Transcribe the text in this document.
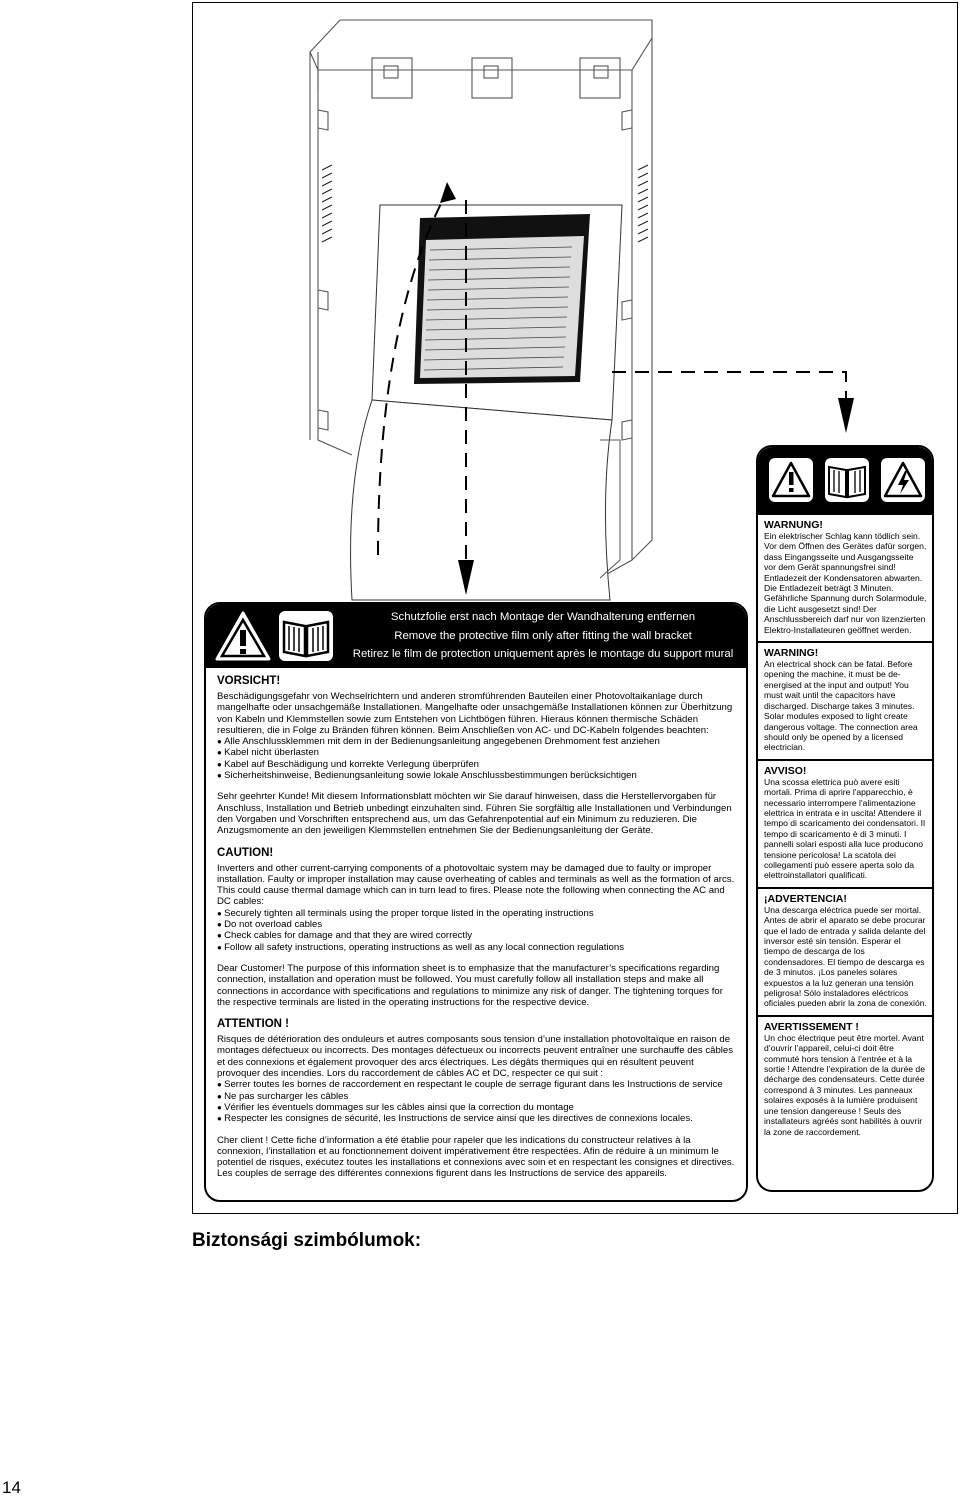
Schutzfolie erst nach Montage der Wandhalterung entfernen
Remove the protective film only after fitting the wall bracket
Retirez le film de protection uniquement après le montage du support mural
VORSICHT!

Beschädigungsgefahr von Wechselrichtern und anderen stromführenden Bauteilen einer Photovoltaikanlage durch mangelhafte oder unsachgemäße Installationen. Mangelhafte oder unsachgemäße Installationen können zur Überhitzung von Kabeln und Klemmstellen sowie zum Entstehen von Lichtbögen führen. Hieraus können thermische Schäden resultieren, die in Folge zu Bränden führen können. Beim Anschließen von AC- und DC-Kabeln folgendes beachten:

● Alle Anschlussklemmen mit dem in der Bedienungsanleitung angegebenen Drehmoment fest anziehen
● Kabel nicht überlasten
● Kabel auf Beschädigung und korrekte Verlegung überprüfen
● Sicherheitshinweise, Bedienungsanleitung sowie lokale Anschlussbestimmungen berücksichtigen

Sehr geehrter Kunde! Mit diesem Informationsblatt möchten wir Sie darauf hinweisen, dass die Herstellervorgaben für Anschluss, Installation und Betrieb unbedingt einzuhalten sind. Führen Sie sorgfältig alle Installationen und Verbindungen den Vorgaben und Vorschriften entsprechend aus, um das Gefahrenpotential auf ein Minimum zu reduzieren. Die Anzugsmomente an den jeweiligen Klemmstellen entnehmen Sie der Bedienungsanleitung der Geräte.

CAUTION!

Inverters and other current-carrying components of a photovoltaic system may be damaged due to faulty or improper installation. Faulty or improper installation may cause overheating of cables and terminals as well as the formation of arcs. This could cause thermal damage which can in turn lead to fires. Please note the following when connecting the AC and DC cables:

● Securely tighten all terminals using the proper torque listed in the operating instructions
● Do not overload cables
● Check cables for damage and that they are wired correctly
● Follow all safety instructions, operating instructions as well as any local connection regulations

Dear Customer! The purpose of this information sheet is to emphasize that the manufacturer’s specifications regarding connection, installation and operation must be followed. You must carefully follow all installation steps and make all connections in accordance with specifications and regulations to minimize any risk of danger. The tightening torques for the respective terminals are listed in the operating instructions for the respective device.

ATTENTION !

Risques de détérioration des onduleurs et autres composants sous tension d’une installation photovoltaïque en raison de montages défectueux ou incorrects. Des montages défectueux ou incorrects peuvent entraîner une surchauffe des câbles et des connexions et également provoquer des arcs électriques. Les dégâts thermiques qui en résultent peuvent provoquer des incendies. Lors du raccordement de câbles AC et DC, respecter ce qui suit :

● Serrer toutes les bornes de raccordement en respectant le couple de serrage figurant dans les Instructions de service
● Ne pas surcharger les câbles
● Vérifier les éventuels dommages sur les câbles ainsi que la correction du montage
● Respecter les consignes de sécurité, les Instructions de service ainsi que les directives de connexions locales.

Cher client ! Cette fiche d’information a été établie pour rapeler que les indications du constructeur relatives à la connexion, l’installation et au fonctionnement doivent impérativement être respectées. Afin de réduire à un minimum le potentiel de risques, exécutez toutes les installations et connexions avec soin et en respectant les consignes et directives. Les couples de serrage des différentes connexions figurent dans les Instructions de service des appareils.

WARNUNG!

Ein elektrischer Schlag kann tödlich sein. Vor dem Öffnen des Gerätes dafür sorgen, dass Eingangsseite und Ausgangsseite vor dem Gerät spannungsfrei sind! Entladezeit der Kondensatoren abwarten. Die Entladezeit beträgt 3 Minuten. Gefährliche Spannung durch Solarmodule, die Licht ausgesetzt sind! Der Anschlussbereich darf nur von lizenzierten Elektro-Installateuren geöffnet werden.

WARNING!

An electrical shock can be fatal. Before opening the machine, it must be de-energised at the input and output! You must wait until the capacitors have discharged. Discharge takes 3 minutes. Solar modules exposed to light create dangerous voltage. The connection area should only be opened by a licensed electrician.

AVVISO!

Una scossa elettrica può avere esiti mortali. Prima di aprire l'apparecchio, è necessario interrompere l'alimentazione elettrica in entrata e in uscita! Attendere il tempo di scaricamento dei condensatori. Il tempo di scaricamento è di 3 minuti. I pannelli solari esposti alla luce producono tensione pericolosa! La scatola dei collegamenti può essere aperta solo da elettroinstallatori qualificati.

¡ADVERTENCIA!

Una descarga eléctrica puede ser mortal. Antes de abrir el aparato se debe procurar que el lado de entrada y salida delante del inversor esté sin tensión. Esperar el tiempo de descarga de los condensadores. El tiempo de descarga es de 3 minutos. ¡Los paneles solares expuestos a la luz generan una tensión peligrosa! Sólo instaladores eléctricos oficiales pueden abrir la zona de conexión.

AVERTISSEMENT !

Un choc électrique peut être mortel. Avant d’ouvrir l’appareil, celui-ci doit être commuté hors tension à l’entrée et à la sortie ! Attendre l’expiration de la durée de décharge des condensateurs. Cette durée correspond à 3 minutes. Les panneaux solaires exposés à la lumière produisent une tension dangereuse ! Seuls des installateurs agréés sont habilités à ouvrir la zone de raccordement.

Biztonsági szimbólumok:
14
